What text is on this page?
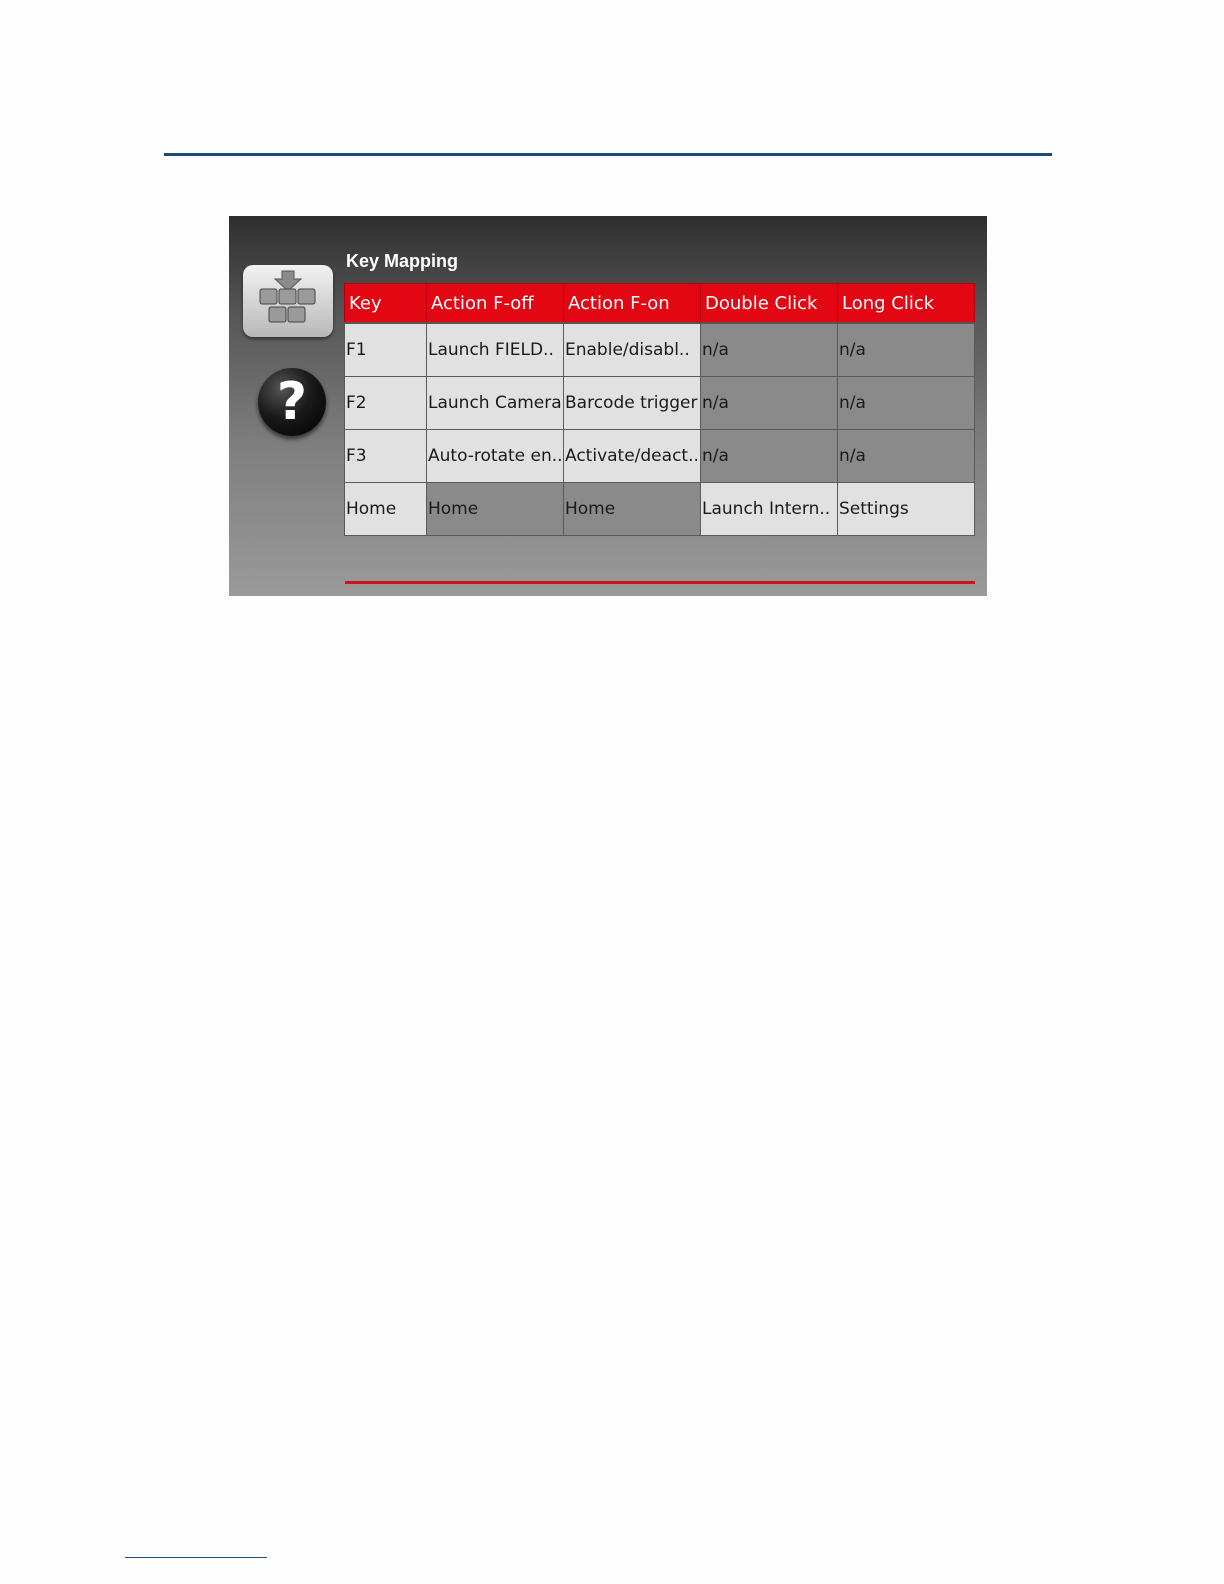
?
Key Mapping
Key	Action F-off	Action F-on	Double Click	Long Click
F1	Launch FIELD..	Enable/disabl..	n/a	n/a
F2	Launch Camera	Barcode trigger	n/a	n/a
F3	Auto-rotate en..	Activate/deact..	n/a	n/a
Home	Home	Home	Launch Intern..	Settings
